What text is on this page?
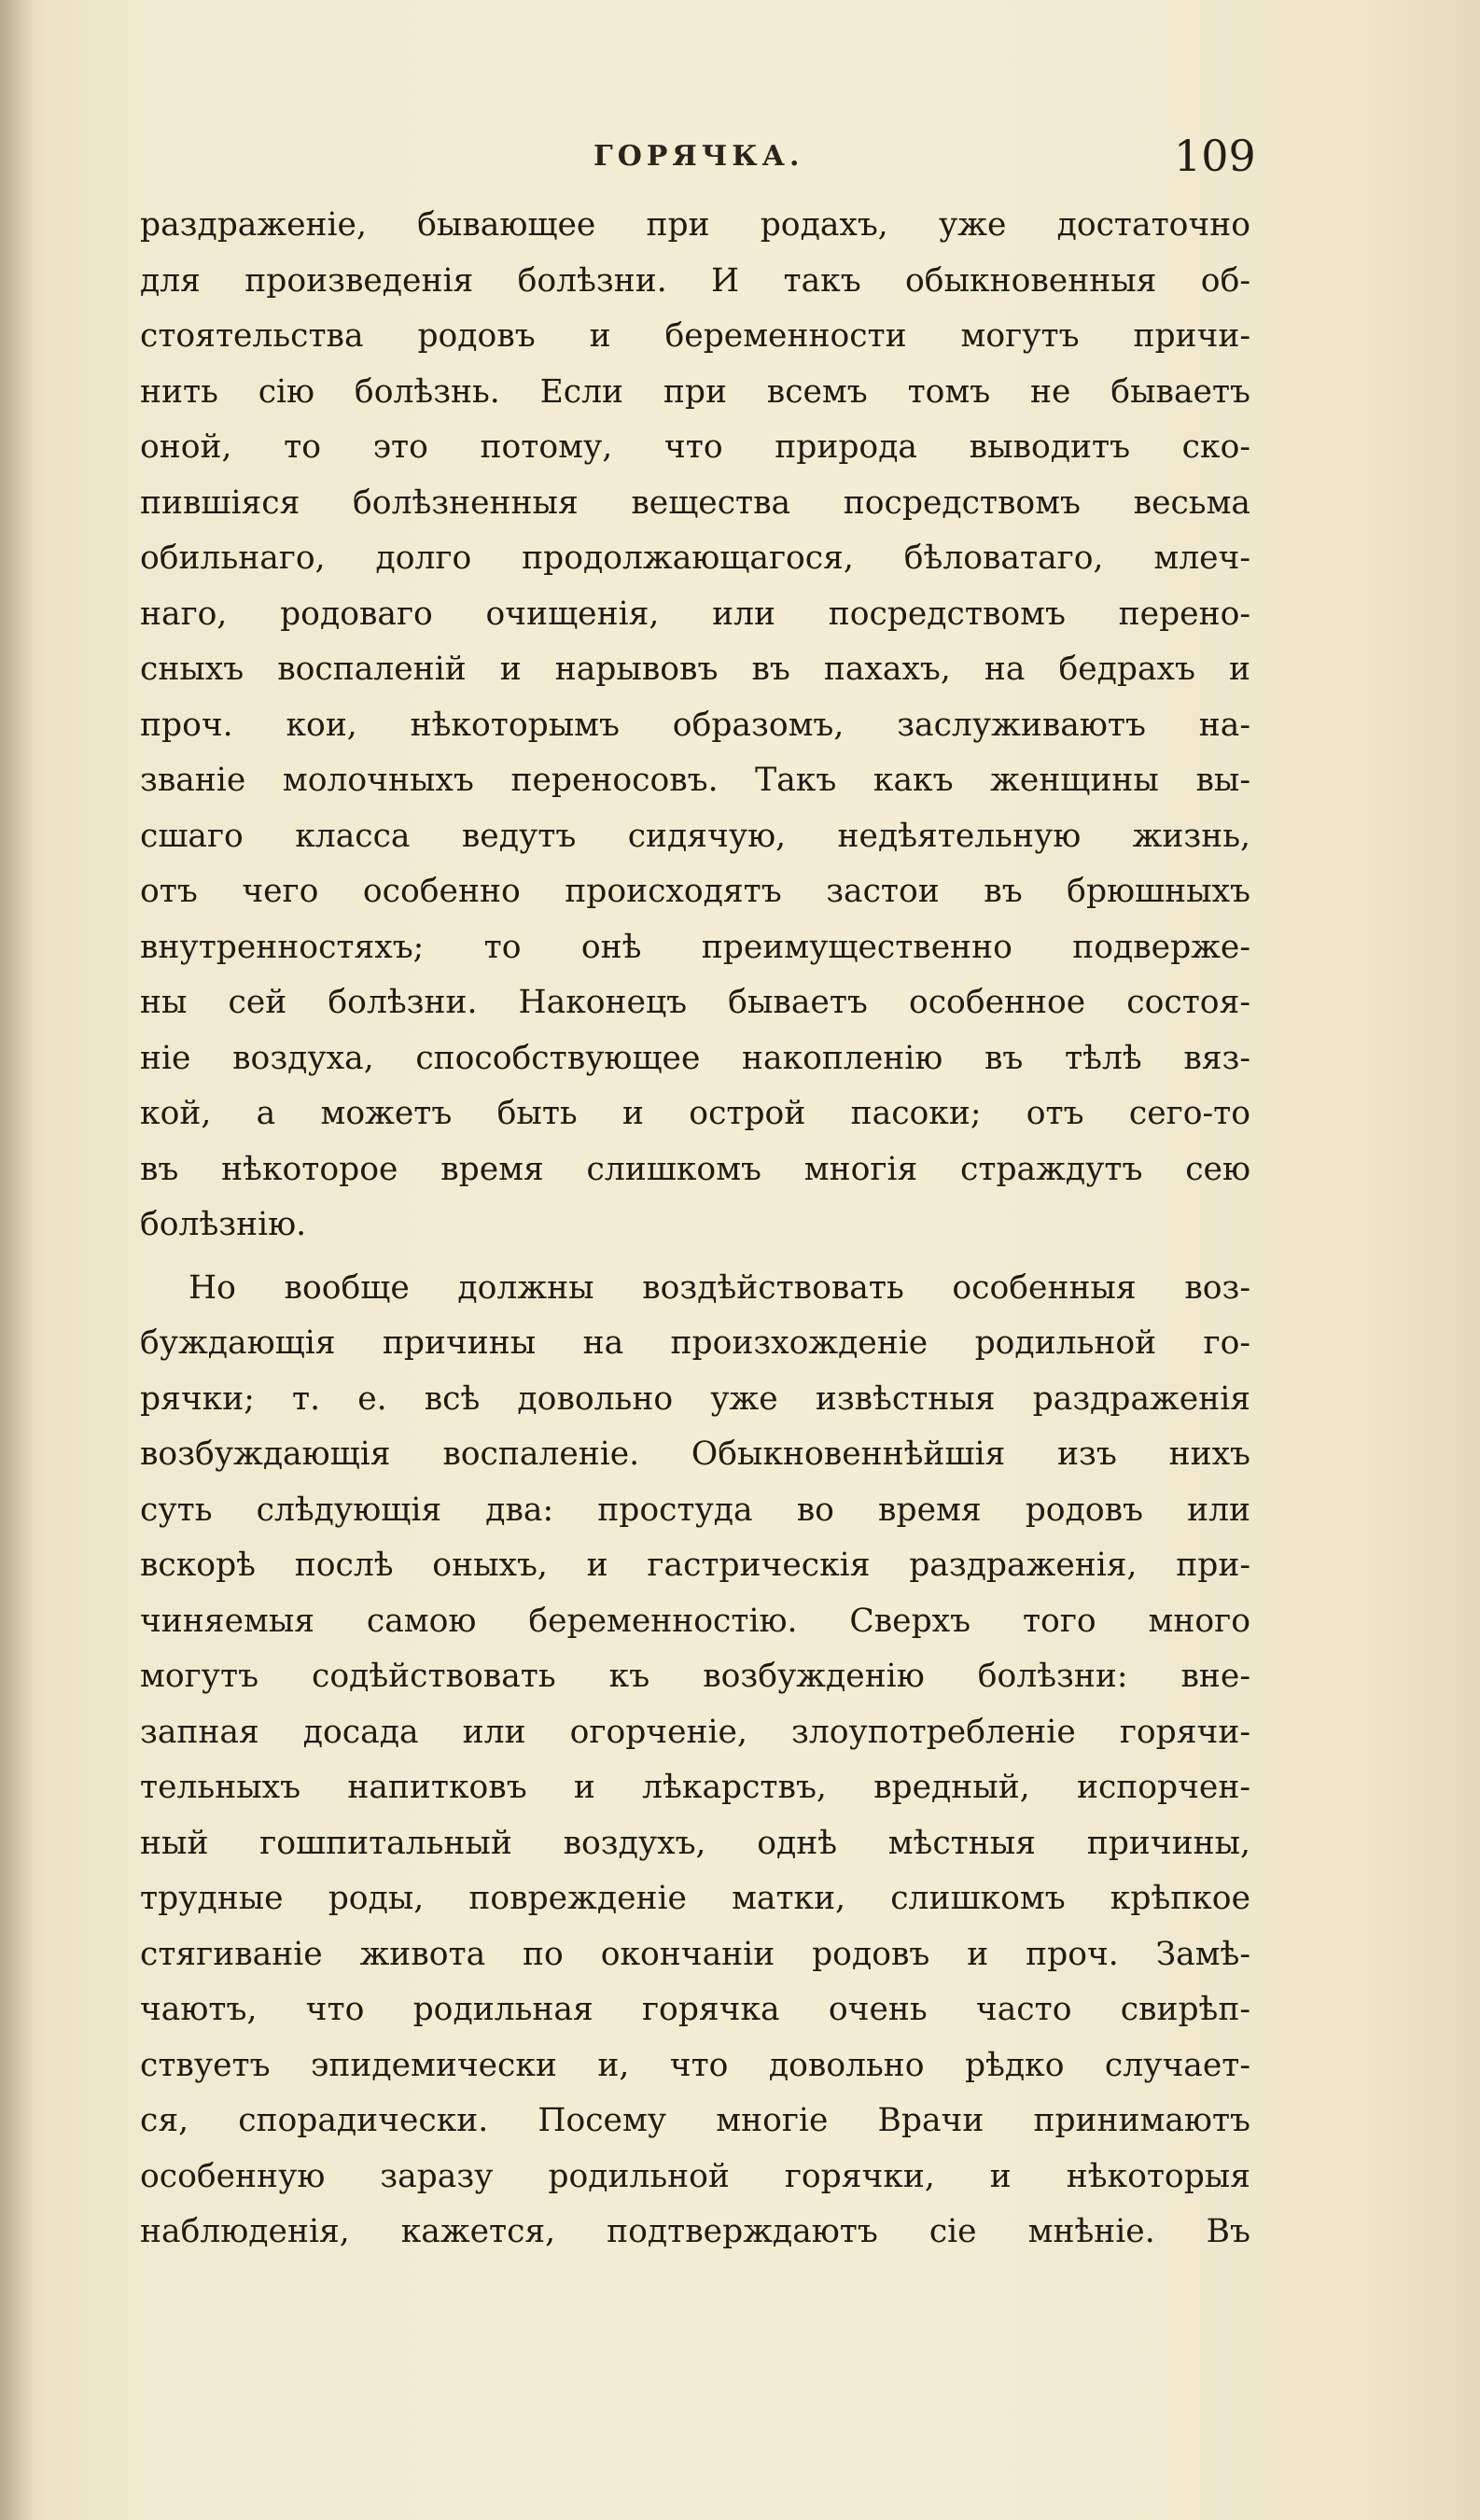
ГОРЯЧКА.	109
раздраженіе, бывающее при родахъ, уже достаточно
для произведенія болѣзни. И такъ обыкновенныя об-
стоятельства родовъ и беременности могутъ причи-
нить сію болѣзнь. Если при всемъ томъ не бываетъ
оной, то это потому, что природа выводитъ ско-
пившіяся болѣзненныя вещества посредствомъ весьма
обильнаго, долго продолжающагося, бѣловатаго, млеч-
наго, родоваго очищенія, или посредствомъ перено-
сныхъ воспаленій и нарывовъ въ пахахъ, на бедрахъ и
проч. кои, нѣкоторымъ образомъ, заслуживаютъ на-
званіе молочныхъ переносовъ. Такъ какъ женщины вы-
сшаго класса ведутъ сидячую, недѣятельную жизнь,
отъ чего особенно происходятъ застои въ брюшныхъ
внутренностяхъ; то онѣ преимущественно подверже-
ны сей болѣзни. Наконецъ бываетъ особенное состоя-
ніе воздуха, способствующее накопленію въ тѣлѣ вяз-
кой, а можетъ быть и острой пасоки; отъ сего-то
въ нѣкоторое время слишкомъ многія страждутъ сею
болѣзнію.
Но вообще должны воздѣйствовать особенныя воз-
буждающія причины на произхожденіе родильной го-
рячки; т. е. всѣ довольно уже извѣстныя раздраженія
возбуждающія воспаленіе. Обыкновеннѣйшія изъ нихъ
суть слѣдующія два: простуда во время родовъ или
вскорѣ послѣ оныхъ, и гастрическія раздраженія, при-
чиняемыя самою беременностію. Сверхъ того много
могутъ содѣйствовать къ возбужденію болѣзни: вне-
запная досада или огорченіе, злоупотребленіе горячи-
тельныхъ напитковъ и лѣкарствъ, вредный, испорчен-
ный гошпитальный воздухъ, однѣ мѣстныя причины,
трудные роды, поврежденіе матки, слишкомъ крѣпкое
стягиваніе живота по окончаніи родовъ и проч. Замѣ-
чаютъ, что родильная горячка очень часто свирѣп-
ствуетъ эпидемически и, что довольно рѣдко случает-
ся, спорадически. Посему многіе Врачи принимаютъ
особенную заразу родильной горячки, и нѣкоторыя
наблюденія, кажется, подтверждаютъ сіе мнѣніе. Въ
